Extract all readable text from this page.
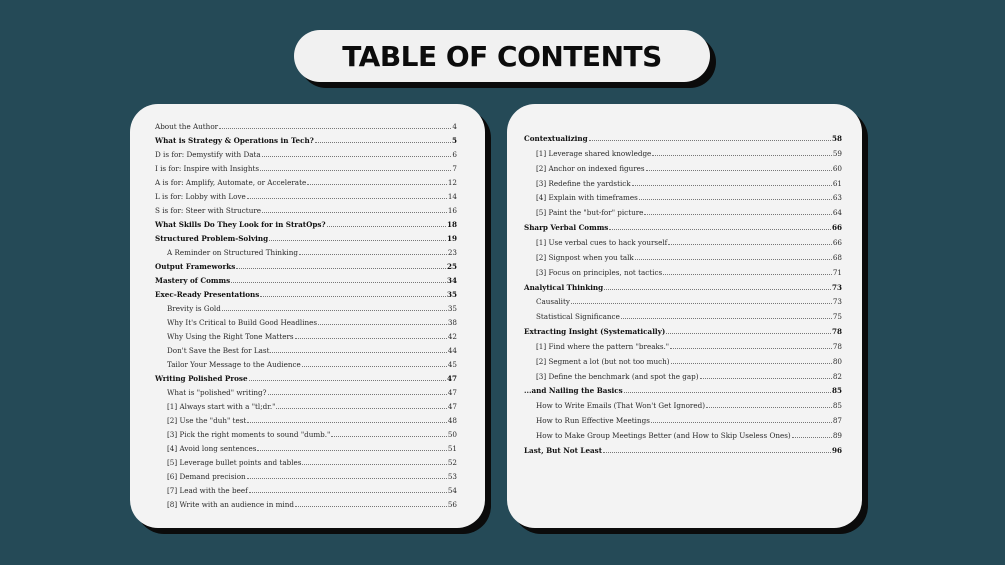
TABLE OF CONTENTS
About the Author	4
What is Strategy & Operations in Tech?	5
D is for: Demystify with Data	6
I is for: Inspire with Insights	7
A is for: Amplify, Automate, or Accelerate	12
L is for: Lobby with Love	14
S is for: Steer with Structure	16
What Skills Do They Look for in StratOps?	18
Structured Problem-Solving	19
A Reminder on Structured Thinking	23
Output Frameworks	25
Mastery of Comms	34
Exec-Ready Presentations	35
Brevity is Gold	35
Why It's Critical to Build Good Headlines	38
Why Using the Right Tone Matters	42
Don't Save the Best for Last	44
Tailor Your Message to the Audience	45
Writing Polished Prose	47
What is "polished" writing?	47
[1] Always start with a "tl;dr."	47
[2] Use the "duh" test	48
[3] Pick the right moments to sound "dumb."	50
[4] Avoid long sentences	51
[5] Leverage bullet points and tables	52
[6] Demand precision	53
[7] Lead with the beef	54
[8] Write with an audience in mind	56
Contextualizing	58
[1] Leverage shared knowledge	59
[2] Anchor on indexed figures	60
[3] Redefine the yardstick	61
[4] Explain with timeframes	63
[5] Paint the "but-for" picture	64
Sharp Verbal Comms	66
[1] Use verbal cues to hack yourself	66
[2] Signpost when you talk	68
[3] Focus on principles, not tactics	71
Analytical Thinking	73
Causality	73
Statistical Significance	75
Extracting Insight (Systematically)	78
[1] Find where the pattern "breaks."	78
[2] Segment a lot (but not too much)	80
[3] Define the benchmark (and spot the gap)	82
...and Nailing the Basics	85
How to Write Emails (That Won't Get Ignored)	85
How to Run Effective Meetings	87
How to Make Group Meetings Better (and How to Skip Useless Ones)	89
Last, But Not Least	96
